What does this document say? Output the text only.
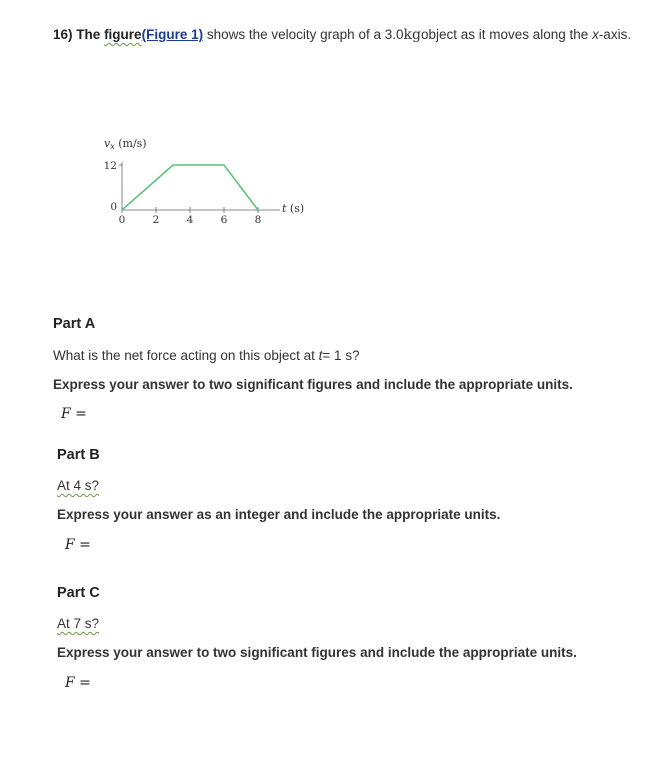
16) The figure(Figure 1) shows the velocity graph of a 3.0kgobject as it moves along the x-axis.
vx (m/s)
0	2	4	6	8
0
12
t (s)
Part A
What is the net force acting on this object at t= 1 s?
Express your answer to two significant figures and include the appropriate units.
F =
Part B
At 4 s?
Express your answer as an integer and include the appropriate units.
F =
Part C
At 7 s?
Express your answer to two significant figures and include the appropriate units.
F =
